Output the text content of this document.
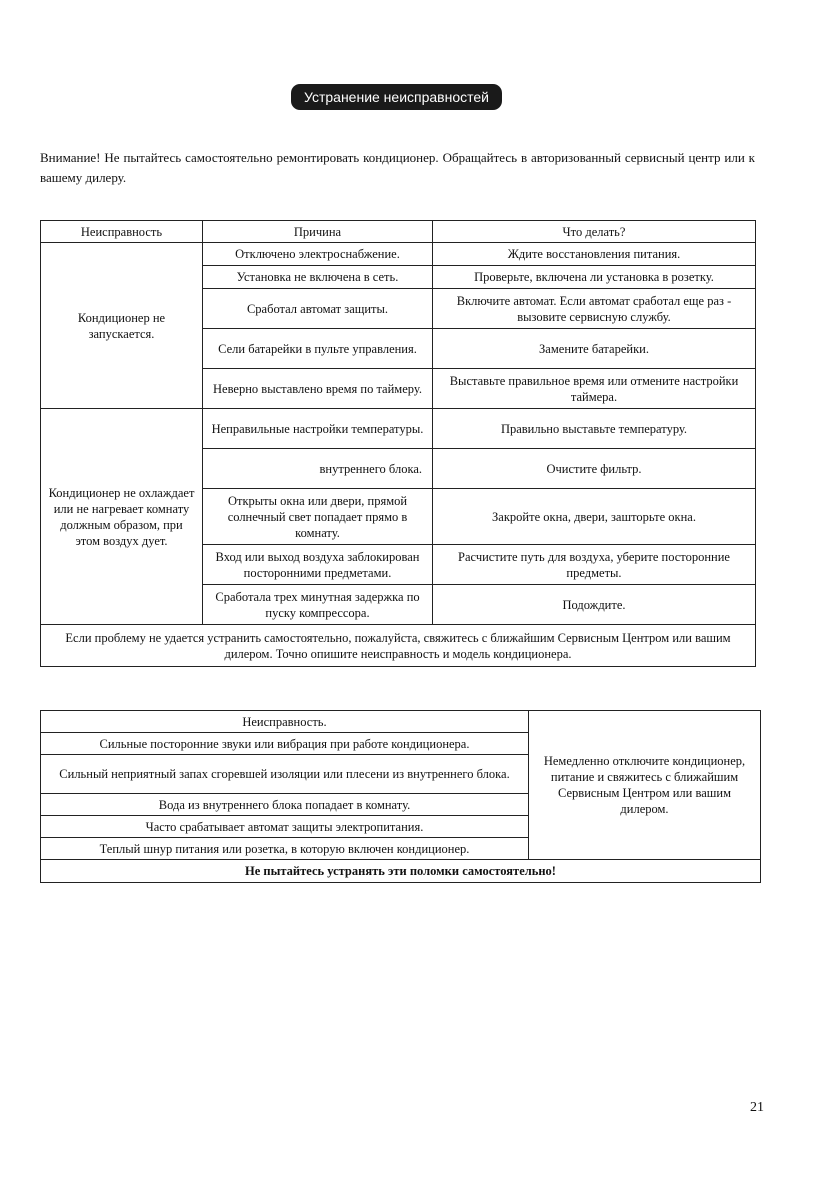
Устранение неисправностей
Внимание! Не пытайтесь самостоятельно ремонтировать кондиционер. Обращайтесь в авторизованный сервисный центр или к вашему дилеру.
Неисправность	Причина	Что делать?
Кондиционер не запускается.	Отключено электроснабжение.	Ждите восстановления питания.
	Установка не включена в сеть.	Проверьте, включена ли установка в розетку.
	Сработал автомат защиты.	Включите автомат. Если автомат сработал еще раз - вызовите сервисную службу.
	Сели батарейки в пульте управления.	Замените батарейки.
	Неверно выставлено время по таймеру.	Выставьте правильное время или отмените настройки таймера.
Кондиционер не охлаждает или не нагревает комнату должным образом, при этом воздух дует.	Неправильные настройки температуры.	Правильно выставьте температуру.
	внутреннего блока.	Очистите фильтр.
	Открыты окна или двери, прямой солнечный свет попадает прямо в комнату.	Закройте окна, двери, зашторьте окна.
	Вход или выход воздуха заблокирован посторонними предметами.	Расчистите путь для воздуха, уберите посторонние предметы.
	Сработала трех минутная задержка по пуску компрессора.	Подождите.
Если проблему не удается устранить самостоятельно, пожалуйста, свяжитесь с ближайшим Сервисным Центром или вашим дилером. Точно опишите неисправность и модель кондиционера.		
Неисправность.	Немедленно отключите кондиционер, питание и свяжитесь с ближайшим Сервисным Центром или вашим дилером.
Сильные посторонние звуки или вибрация при работе кондиционера.
Сильный неприятный запах сгоревшей изоляции или плесени из внутреннего блока.
Вода из внутреннего блока попадает в комнату.
Часто срабатывает автомат защиты электропитания.
Теплый шнур питания или розетка, в которую включен кондиционер.

Не пытайтесь устранять эти поломки самостоятельно!
21
